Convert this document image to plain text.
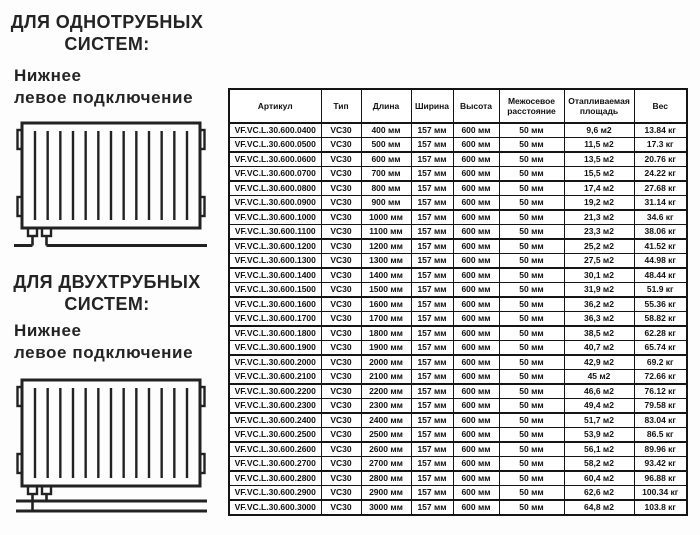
ДЛЯ ОДНОТРУБНЫХ
СИСТЕМ:
Нижнее
левое подключение
ДЛЯ ДВУХТРУБНЫХ
СИСТЕМ:
Нижнее
левое подключение
Артикул	Тип	Длина	Ширина	Высота	Межосевое расстояние	Отапливаемая площадь	Вес
VF.VC.L.30.600.0400	VC30	400 мм	157 мм	600 мм	50 мм	9,6 м2	13.84 кг
VF.VC.L.30.600.0500	VC30	500 мм	157 мм	600 мм	50 мм	11,5 м2	17.3 кг
VF.VC.L.30.600.0600	VC30	600 мм	157 мм	600 мм	50 мм	13,5 м2	20.76 кг
VF.VC.L.30.600.0700	VC30	700 мм	157 мм	600 мм	50 мм	15,5 м2	24.22 кг
VF.VC.L.30.600.0800	VC30	800 мм	157 мм	600 мм	50 мм	17,4 м2	27.68 кг
VF.VC.L.30.600.0900	VC30	900 мм	157 мм	600 мм	50 мм	19,2 м2	31.14 кг
VF.VC.L.30.600.1000	VC30	1000 мм	157 мм	600 мм	50 мм	21,3 м2	34.6 кг
VF.VC.L.30.600.1100	VC30	1100 мм	157 мм	600 мм	50 мм	23,3 м2	38.06 кг
VF.VC.L.30.600.1200	VC30	1200 мм	157 мм	600 мм	50 мм	25,2 м2	41.52 кг
VF.VC.L.30.600.1300	VC30	1300 мм	157 мм	600 мм	50 мм	27,5 м2	44.98 кг
VF.VC.L.30.600.1400	VC30	1400 мм	157 мм	600 мм	50 мм	30,1 м2	48.44 кг
VF.VC.L.30.600.1500	VC30	1500 мм	157 мм	600 мм	50 мм	31,9 м2	51.9 кг
VF.VC.L.30.600.1600	VC30	1600 мм	157 мм	600 мм	50 мм	36,2 м2	55.36 кг
VF.VC.L.30.600.1700	VC30	1700 мм	157 мм	600 мм	50 мм	36,3 м2	58.82 кг
VF.VC.L.30.600.1800	VC30	1800 мм	157 мм	600 мм	50 мм	38,5 м2	62.28 кг
VF.VC.L.30.600.1900	VC30	1900 мм	157 мм	600 мм	50 мм	40,7 м2	65.74 кг
VF.VC.L.30.600.2000	VC30	2000 мм	157 мм	600 мм	50 мм	42,9 м2	69.2 кг
VF.VC.L.30.600.2100	VC30	2100 мм	157 мм	600 мм	50 мм	45 м2	72.66 кг
VF.VC.L.30.600.2200	VC30	2200 мм	157 мм	600 мм	50 мм	46,6 м2	76.12 кг
VF.VC.L.30.600.2300	VC30	2300 мм	157 мм	600 мм	50 мм	49,4 м2	79.58 кг
VF.VC.L.30.600.2400	VC30	2400 мм	157 мм	600 мм	50 мм	51,7 м2	83.04 кг
VF.VC.L.30.600.2500	VC30	2500 мм	157 мм	600 мм	50 мм	53,9 м2	86.5 кг
VF.VC.L.30.600.2600	VC30	2600 мм	157 мм	600 мм	50 мм	56,1 м2	89.96 кг
VF.VC.L.30.600.2700	VC30	2700 мм	157 мм	600 мм	50 мм	58,2 м2	93.42 кг
VF.VC.L.30.600.2800	VC30	2800 мм	157 мм	600 мм	50 мм	60,4 м2	96.88 кг
VF.VC.L.30.600.2900	VC30	2900 мм	157 мм	600 мм	50 мм	62,6 м2	100.34 кг
VF.VC.L.30.600.3000	VC30	3000 мм	157 мм	600 мм	50 мм	64,8 м2	103.8 кг
